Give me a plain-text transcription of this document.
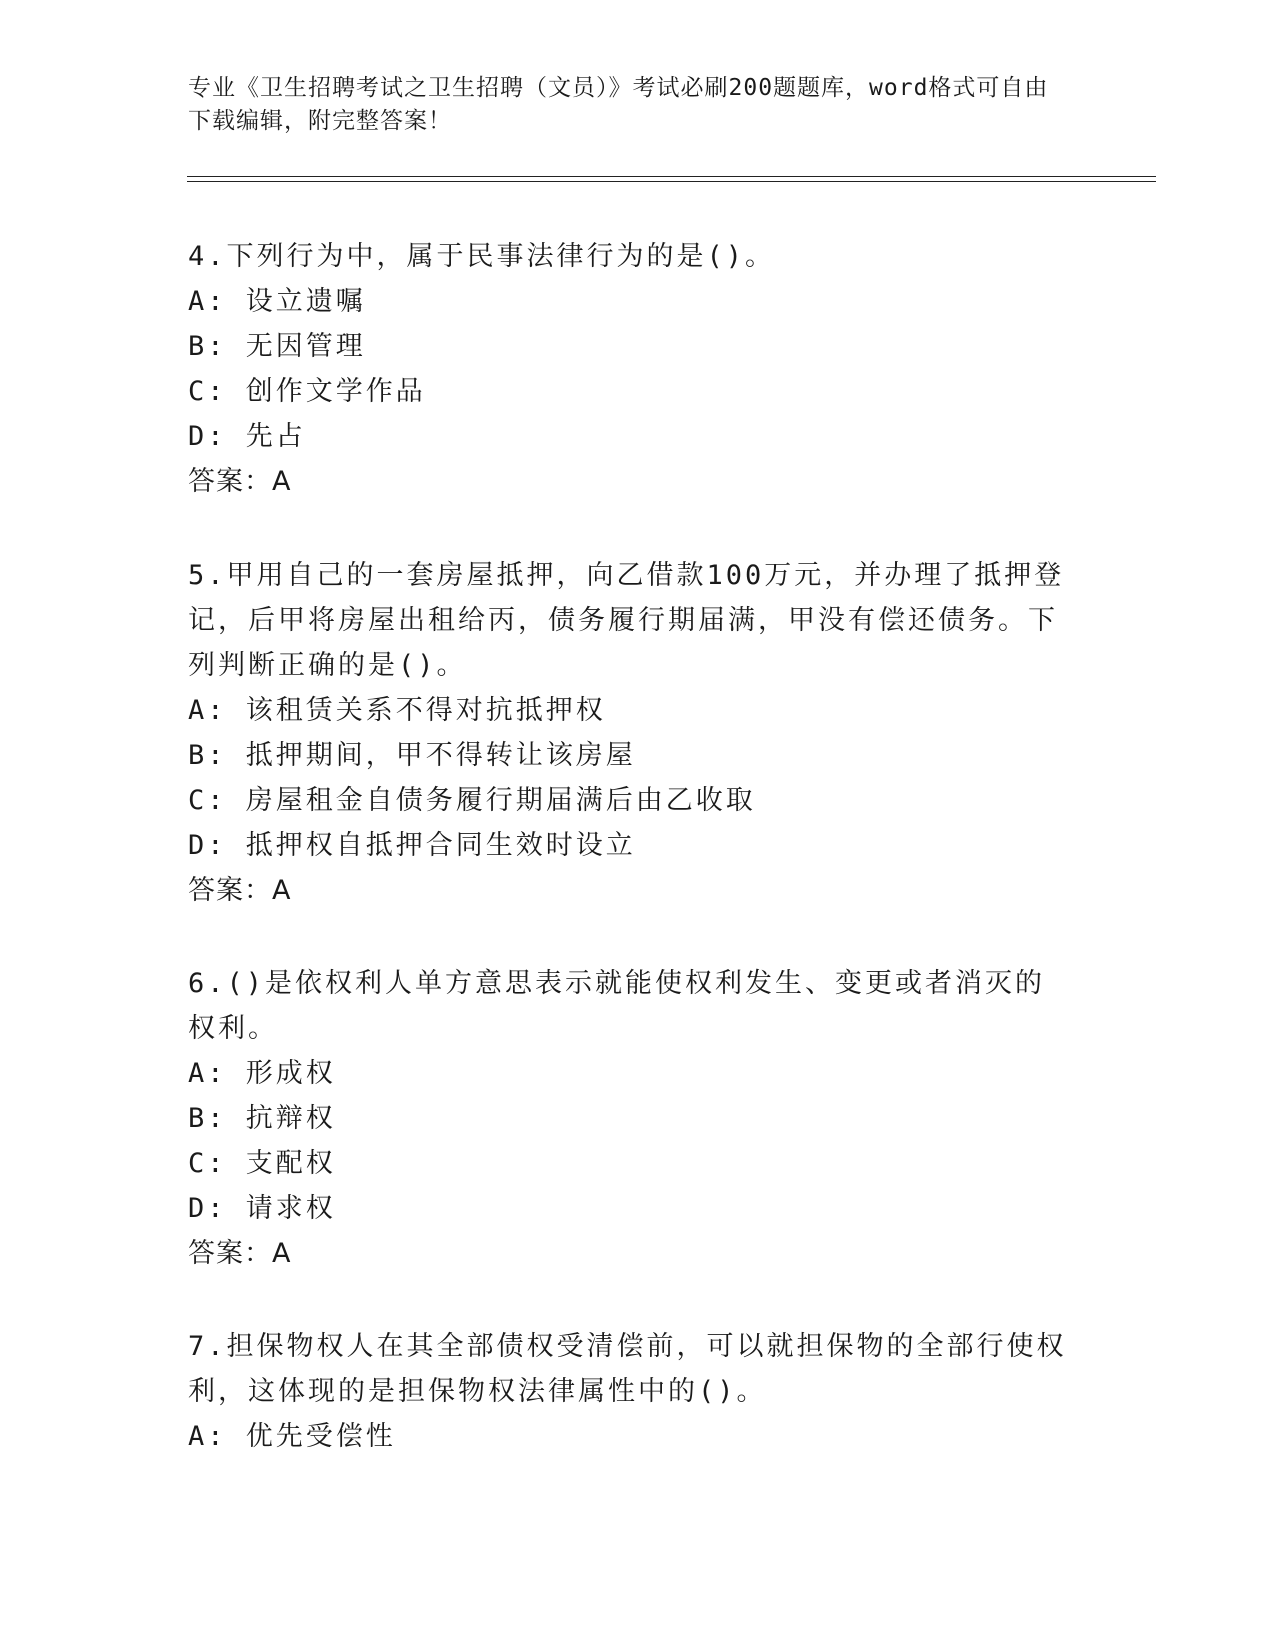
专业《卫生招聘考试之卫生招聘（文员）》考试必刷200题题库，word格式可自由下载编辑，附完整答案！

4.下列行为中，属于民事法律行为的是()。

A: 设立遗嘱

B: 无因管理

C: 创作文学作品

D: 先占

答案：A

5.甲用自己的一套房屋抵押，向乙借款100万元，并办理了抵押登记，后甲将房屋出租给丙，债务履行期届满，甲没有偿还债务。下列判断正确的是()。

A: 该租赁关系不得对抗抵押权

B: 抵押期间，甲不得转让该房屋

C: 房屋租金自债务履行期届满后由乙收取

D: 抵押权自抵押合同生效时设立

答案：A

6.()是依权利人单方意思表示就能使权利发生、变更或者消灭的权利。

A: 形成权

B: 抗辩权

C: 支配权

D: 请求权

答案：A

7.担保物权人在其全部债权受清偿前，可以就担保物的全部行使权利，这体现的是担保物权法律属性中的()。

A: 优先受偿性
